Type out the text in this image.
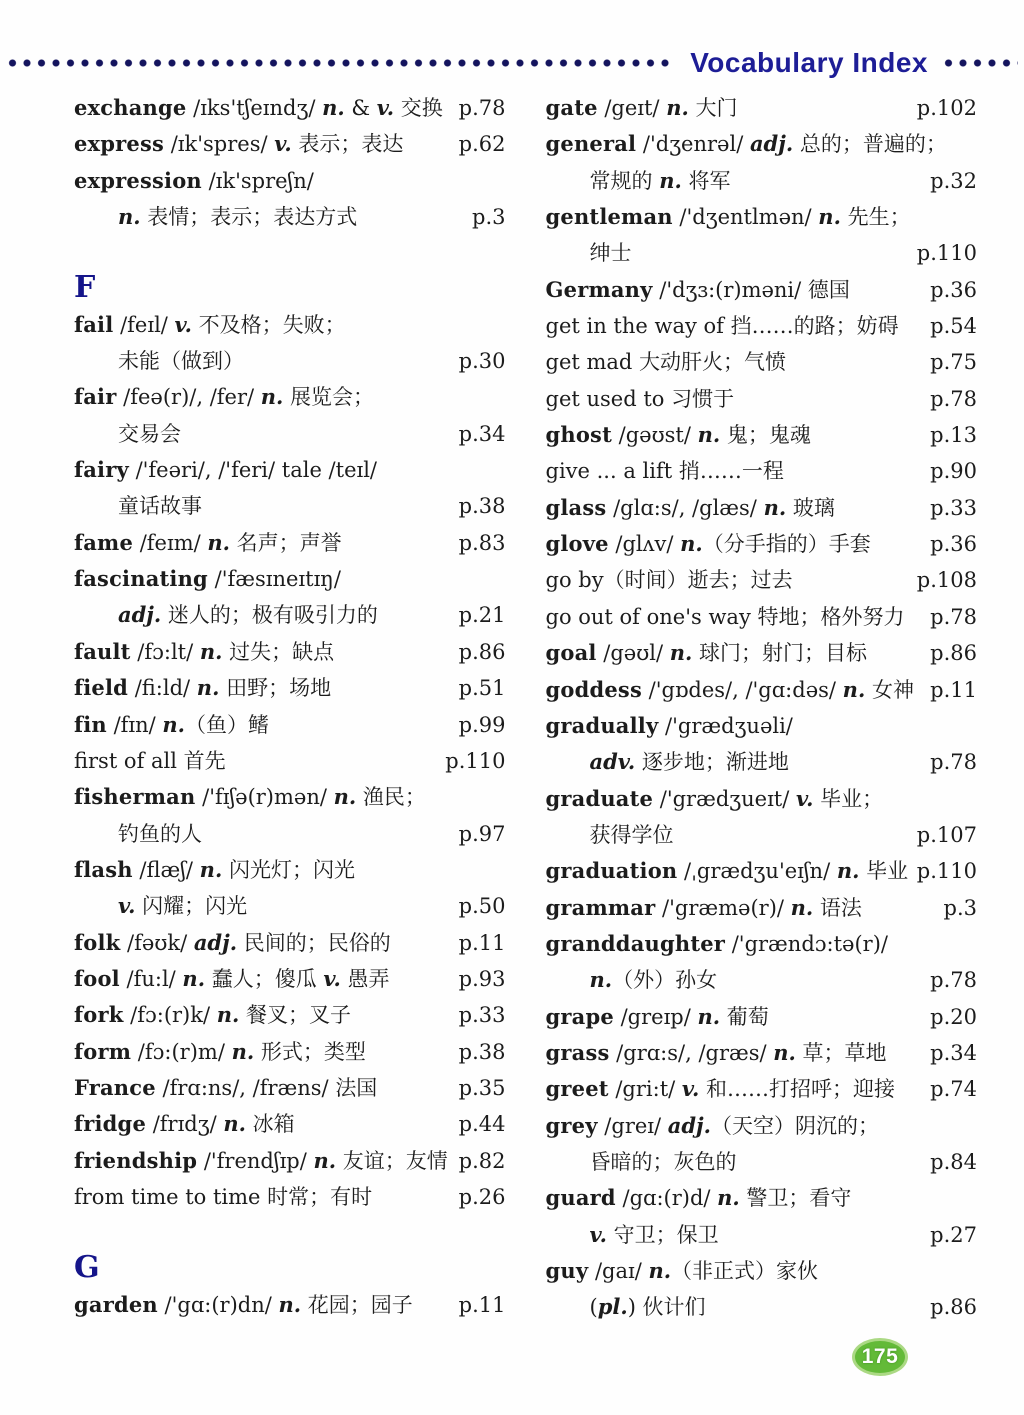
Vocabulary Index
exchange /ɪks'tʃeɪndʒ/ n. & v. 交换 p.78
express /ɪk'spres/ v. 表示；表达	p.62
expression /ɪk'spreʃn/
n. 表情；表示；表达方式	p.3
F
fail /feɪl/ v. 不及格；失败；
未能（做到）	p.30
fair /feə(r)/, /fer/ n. 展览会；
交易会	p.34
fairy /'feəri/, /'feri/ tale /teɪl/
童话故事	p.38
fame /feɪm/ n. 名声；声誉	p.83
fascinating /'fæsɪneɪtɪŋ/
adj. 迷人的；极有吸引力的	p.21
fault /fɔ:lt/ n. 过失；缺点	p.86
field /fi:ld/ n. 田野；场地	p.51
fin /fɪn/ n.（鱼）鳍	p.99
first of all 首先	p.110
fisherman /'fɪʃə(r)mən/ n. 渔民；
钓鱼的人	p.97
flash /flæʃ/ n. 闪光灯；闪光
v. 闪耀；闪光	p.50
folk /fəʊk/ adj. 民间的；民俗的	p.11
fool /fu:l/ n. 蠢人；傻瓜 v. 愚弄	p.93
fork /fɔ:(r)k/ n. 餐叉；叉子	p.33
form /fɔ:(r)m/ n. 形式；类型	p.38
France /frɑ:ns/, /fræns/ 法国	p.35
fridge /frɪdʒ/ n. 冰箱	p.44
friendship /'frendʃɪp/ n. 友谊；友情 p.82
from time to time 时常；有时	p.26
G
garden /'gɑ:(r)dn/ n. 花园；园子	p.11
gate /geɪt/ n. 大门	p.102
general /'dʒenrəl/ adj. 总的；普遍的；
常规的 n. 将军	p.32
gentleman /'dʒentlmən/ n. 先生；
绅士	p.110
Germany /'dʒɜ:(r)məni/ 德国	p.36
get in the way of 挡……的路；妨碍	p.54
get mad 大动肝火；气愤	p.75
get used to 习惯于	p.78
ghost /gəʊst/ n. 鬼；鬼魂	p.13
give ... a lift 捎……一程	p.90
glass /glɑ:s/, /glæs/ n. 玻璃	p.33
glove /glʌv/ n.（分手指的）手套	p.36
go by（时间）逝去；过去	p.108
go out of one's way 特地；格外努力	p.78
goal /gəʊl/ n. 球门；射门；目标	p.86
goddess /'gɒdes/, /'gɑ:dəs/ n. 女神 p.11
gradually /'grædʒuəli/
adv. 逐步地；渐进地	p.78
graduate /'grædʒueɪt/ v. 毕业；
获得学位	p.107
graduation /ˌgrædʒu'eɪʃn/ n. 毕业 p.110
grammar /'græmə(r)/ n. 语法	p.3
granddaughter /'grændɔ:tə(r)/
n.（外）孙女	p.78
grape /greɪp/ n. 葡萄	p.20
grass /grɑ:s/, /græs/ n. 草；草地	p.34
greet /gri:t/ v. 和……打招呼；迎接	p.74
grey /greɪ/ adj.（天空）阴沉的；
昏暗的；灰色的	p.84
guard /gɑ:(r)d/ n. 警卫；看守
v. 守卫；保卫	p.27
guy /gaɪ/ n.（非正式）家伙
(pl.) 伙计们	p.86
175
